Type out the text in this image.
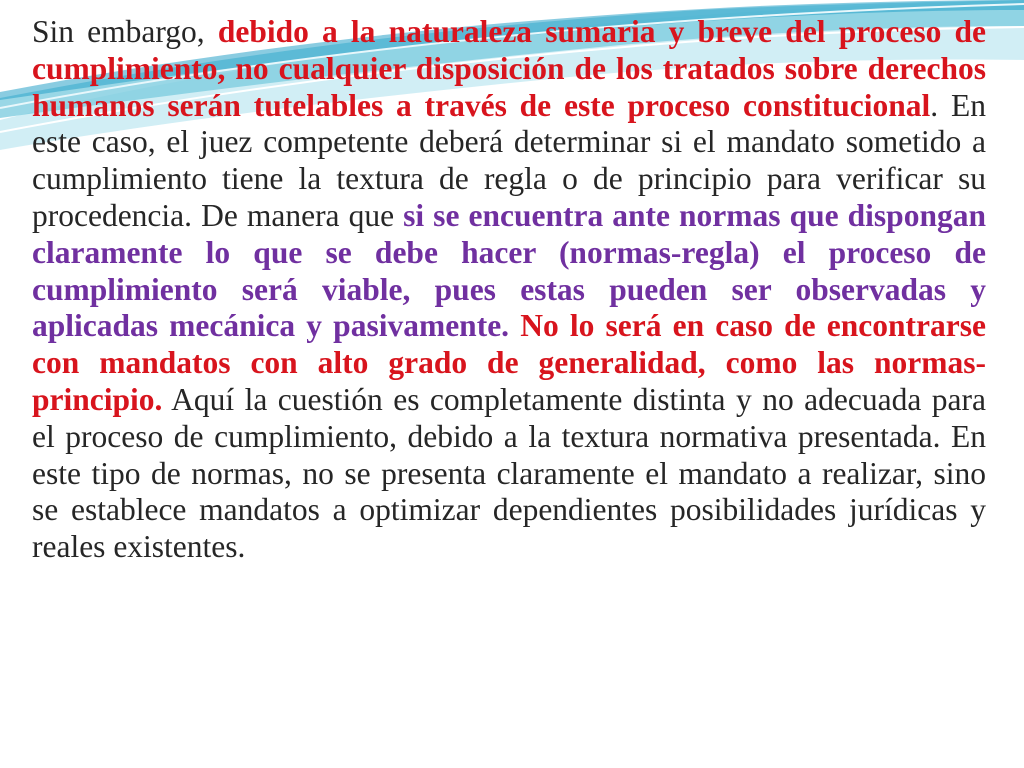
Sin embargo, debido a la naturaleza sumaria y breve del proceso de cumplimiento, no cualquier disposición de los tratados sobre derechos humanos serán tutelables a través de este proceso constitucional. En este caso, el juez competente deberá determinar si el mandato sometido a cumplimiento tiene la textura de regla o de principio para verificar su procedencia. De manera que si se encuentra ante normas que dispongan claramente lo que se debe hacer (normas-regla) el proceso de cumplimiento será viable, pues estas pueden ser observadas y aplicadas mecánica y pasivamente. No lo será en caso de encontrarse con mandatos con alto grado de generalidad, como las normas-principio. Aquí la cuestión es completamente distinta y no adecuada para el proceso de cumplimiento, debido a la textura normativa presentada. En este tipo de normas, no se presenta claramente el mandato a realizar, sino se establece mandatos a optimizar dependientes posibilidades jurídicas y reales existentes.
